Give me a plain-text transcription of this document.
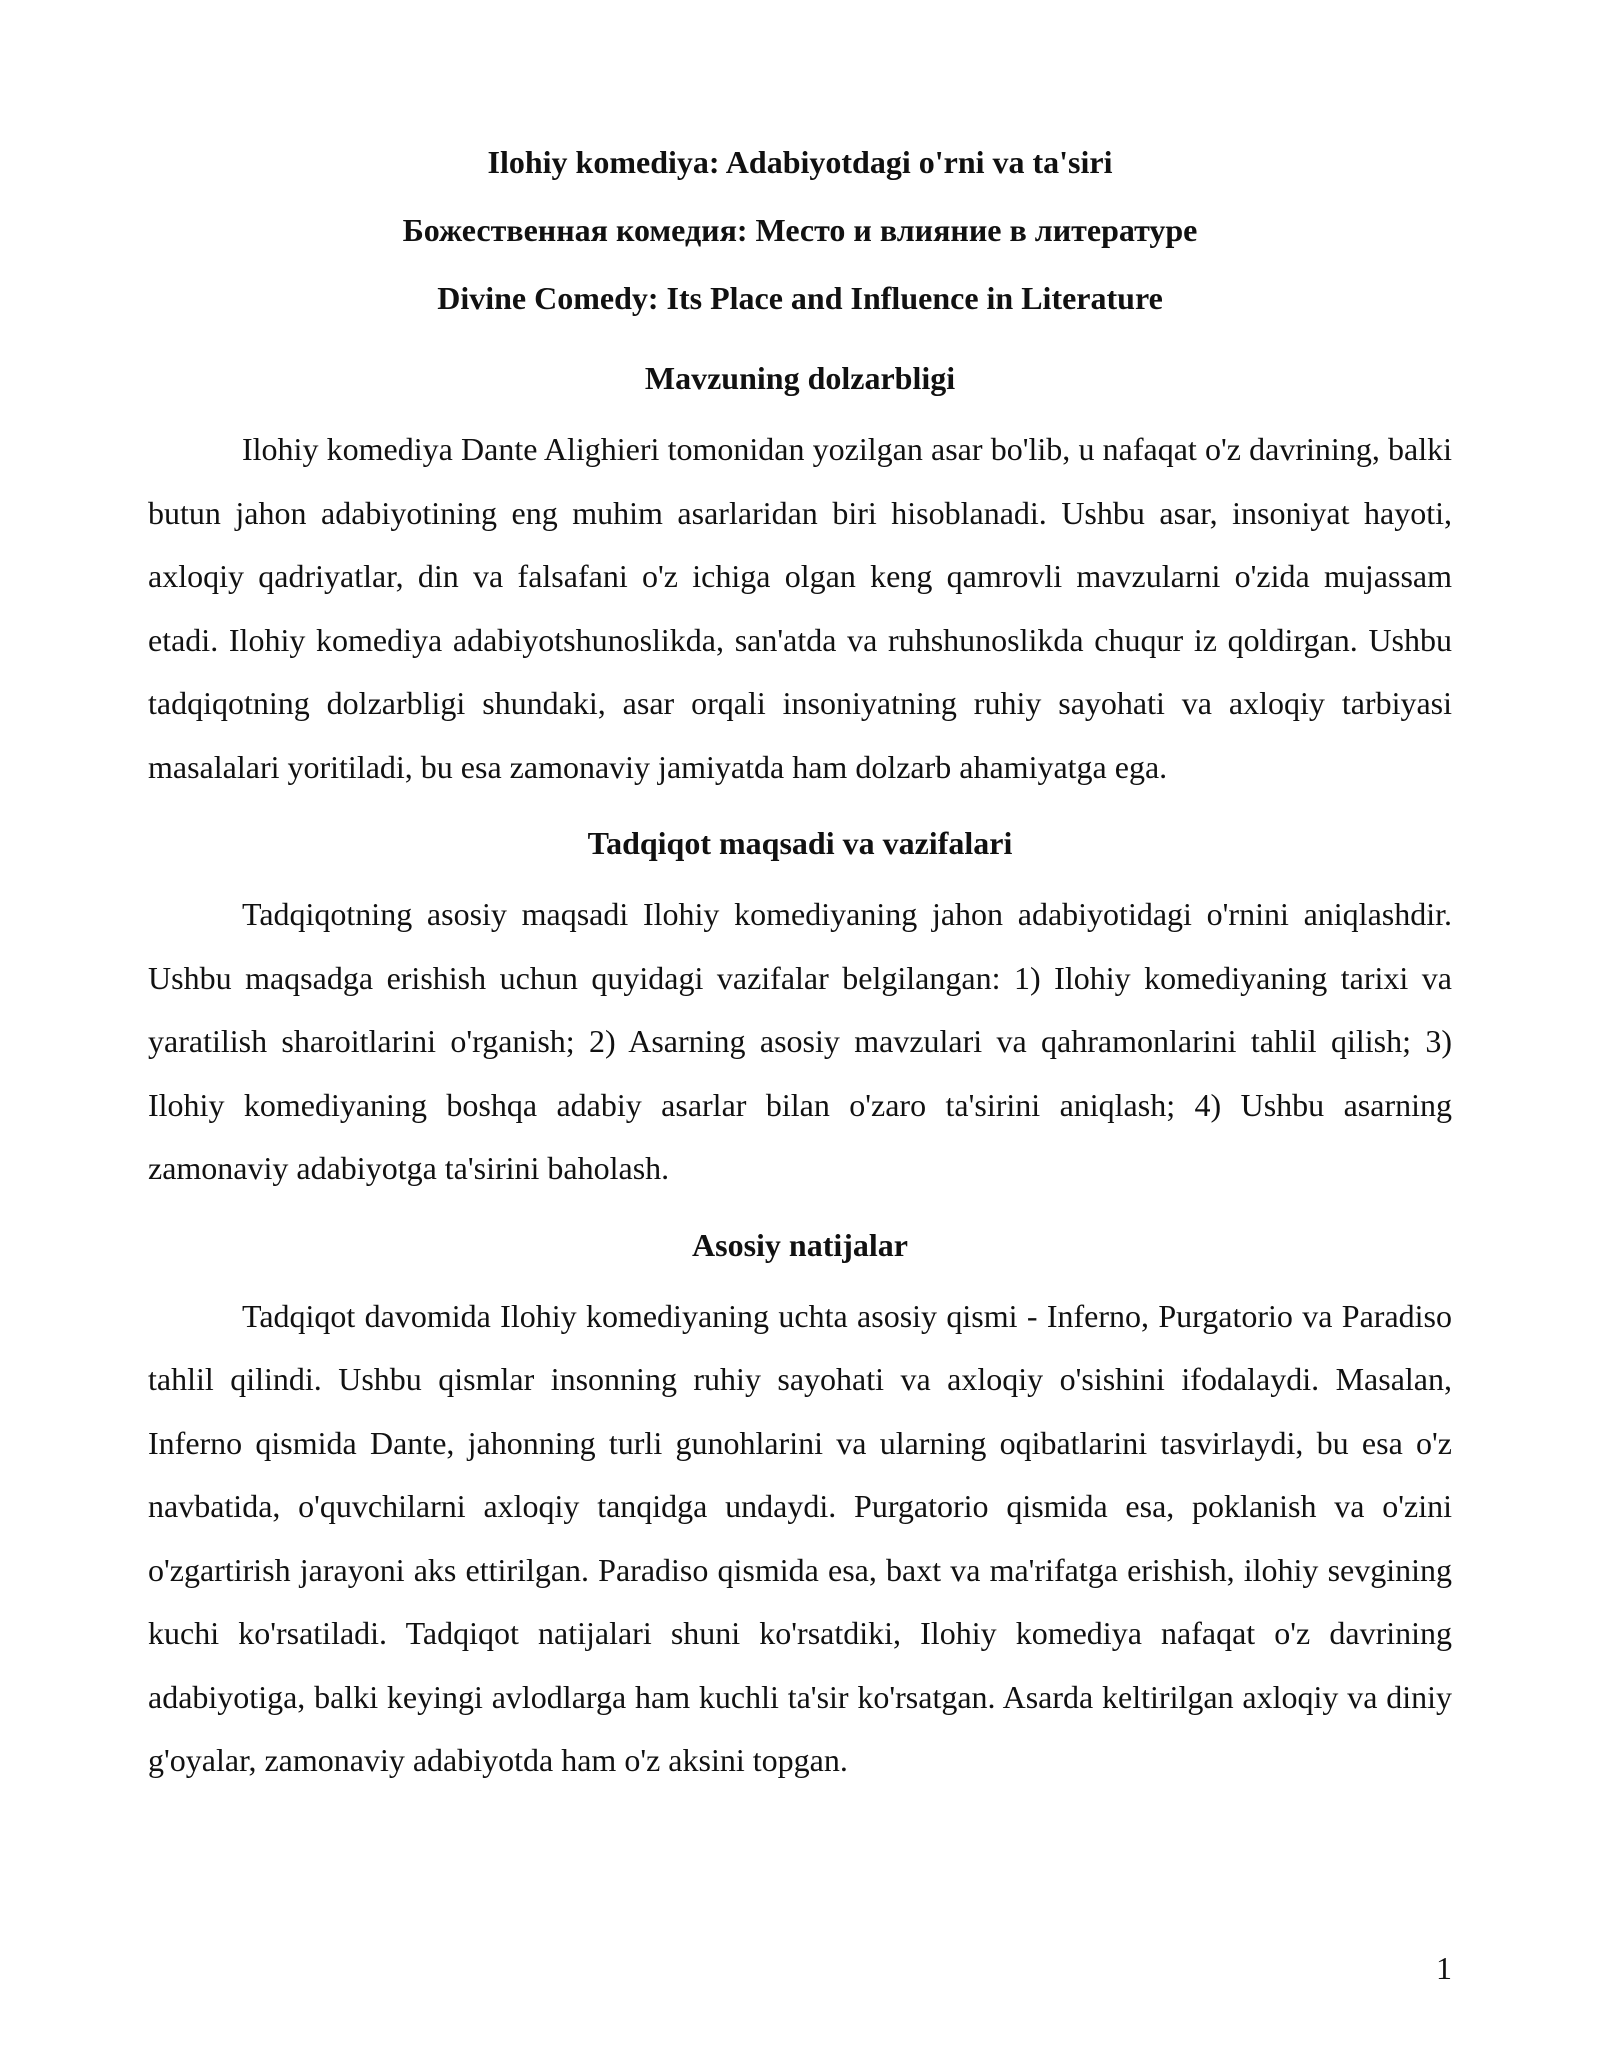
Ilohiy komediya: Adabiyotdagi o'rni va ta'siri
Божественная комедия: Место и влияние в литературе
Divine Comedy: Its Place and Influence in Literature
Mavzuning dolzarbligi

Ilohiy komediya Dante Alighieri tomonidan yozilgan asar bo'lib, u nafaqat o'z davrining, balki butun jahon adabiyotining eng muhim asarlaridan biri hisoblanadi. Ushbu asar, insoniyat hayoti, axloqiy qadriyatlar, din va falsafani o'z ichiga olgan keng qamrovli mavzularni o'zida mujassam etadi. Ilohiy komediya adabiyotshunoslikda, san'atda va ruhshunoslikda chuqur iz qoldirgan. Ushbu tadqiqotning dolzarbligi shundaki, asar orqali insoniyatning ruhiy sayohati va axloqiy tarbiyasi masalalari yoritiladi, bu esa zamonaviy jamiyatda ham dolzarb ahamiyatga ega.

Tadqiqot maqsadi va vazifalari

Tadqiqotning asosiy maqsadi Ilohiy komediyaning jahon adabiyotidagi o'rnini aniqlashdir. Ushbu maqsadga erishish uchun quyidagi vazifalar belgilangan: 1) Ilohiy komediyaning tarixi va yaratilish sharoitlarini o'rganish; 2) Asarning asosiy mavzulari va qahramonlarini tahlil qilish; 3) Ilohiy komediyaning boshqa adabiy asarlar bilan o'zaro ta'sirini aniqlash; 4) Ushbu asarning zamonaviy adabiyotga ta'sirini baholash.

Asosiy natijalar

Tadqiqot davomida Ilohiy komediyaning uchta asosiy qismi - Inferno, Purgatorio va Paradiso tahlil qilindi. Ushbu qismlar insonning ruhiy sayohati va axloqiy o'sishini ifodalaydi. Masalan, Inferno qismida Dante, jahonning turli gunohlarini va ularning oqibatlarini tasvirlaydi, bu esa o'z navbatida, o'quvchilarni axloqiy tanqidga undaydi. Purgatorio qismida esa, poklanish va o'zini o'zgartirish jarayoni aks ettirilgan. Paradiso qismida esa, baxt va ma'rifatga erishish, ilohiy sevgining kuchi ko'rsatiladi. Tadqiqot natijalari shuni ko'rsatdiki, Ilohiy komediya nafaqat o'z davrining adabiyotiga, balki keyingi avlodlarga ham kuchli ta'sir ko'rsatgan. Asarda keltirilgan axloqiy va diniy g'oyalar, zamonaviy adabiyotda ham o'z aksini topgan.

1
